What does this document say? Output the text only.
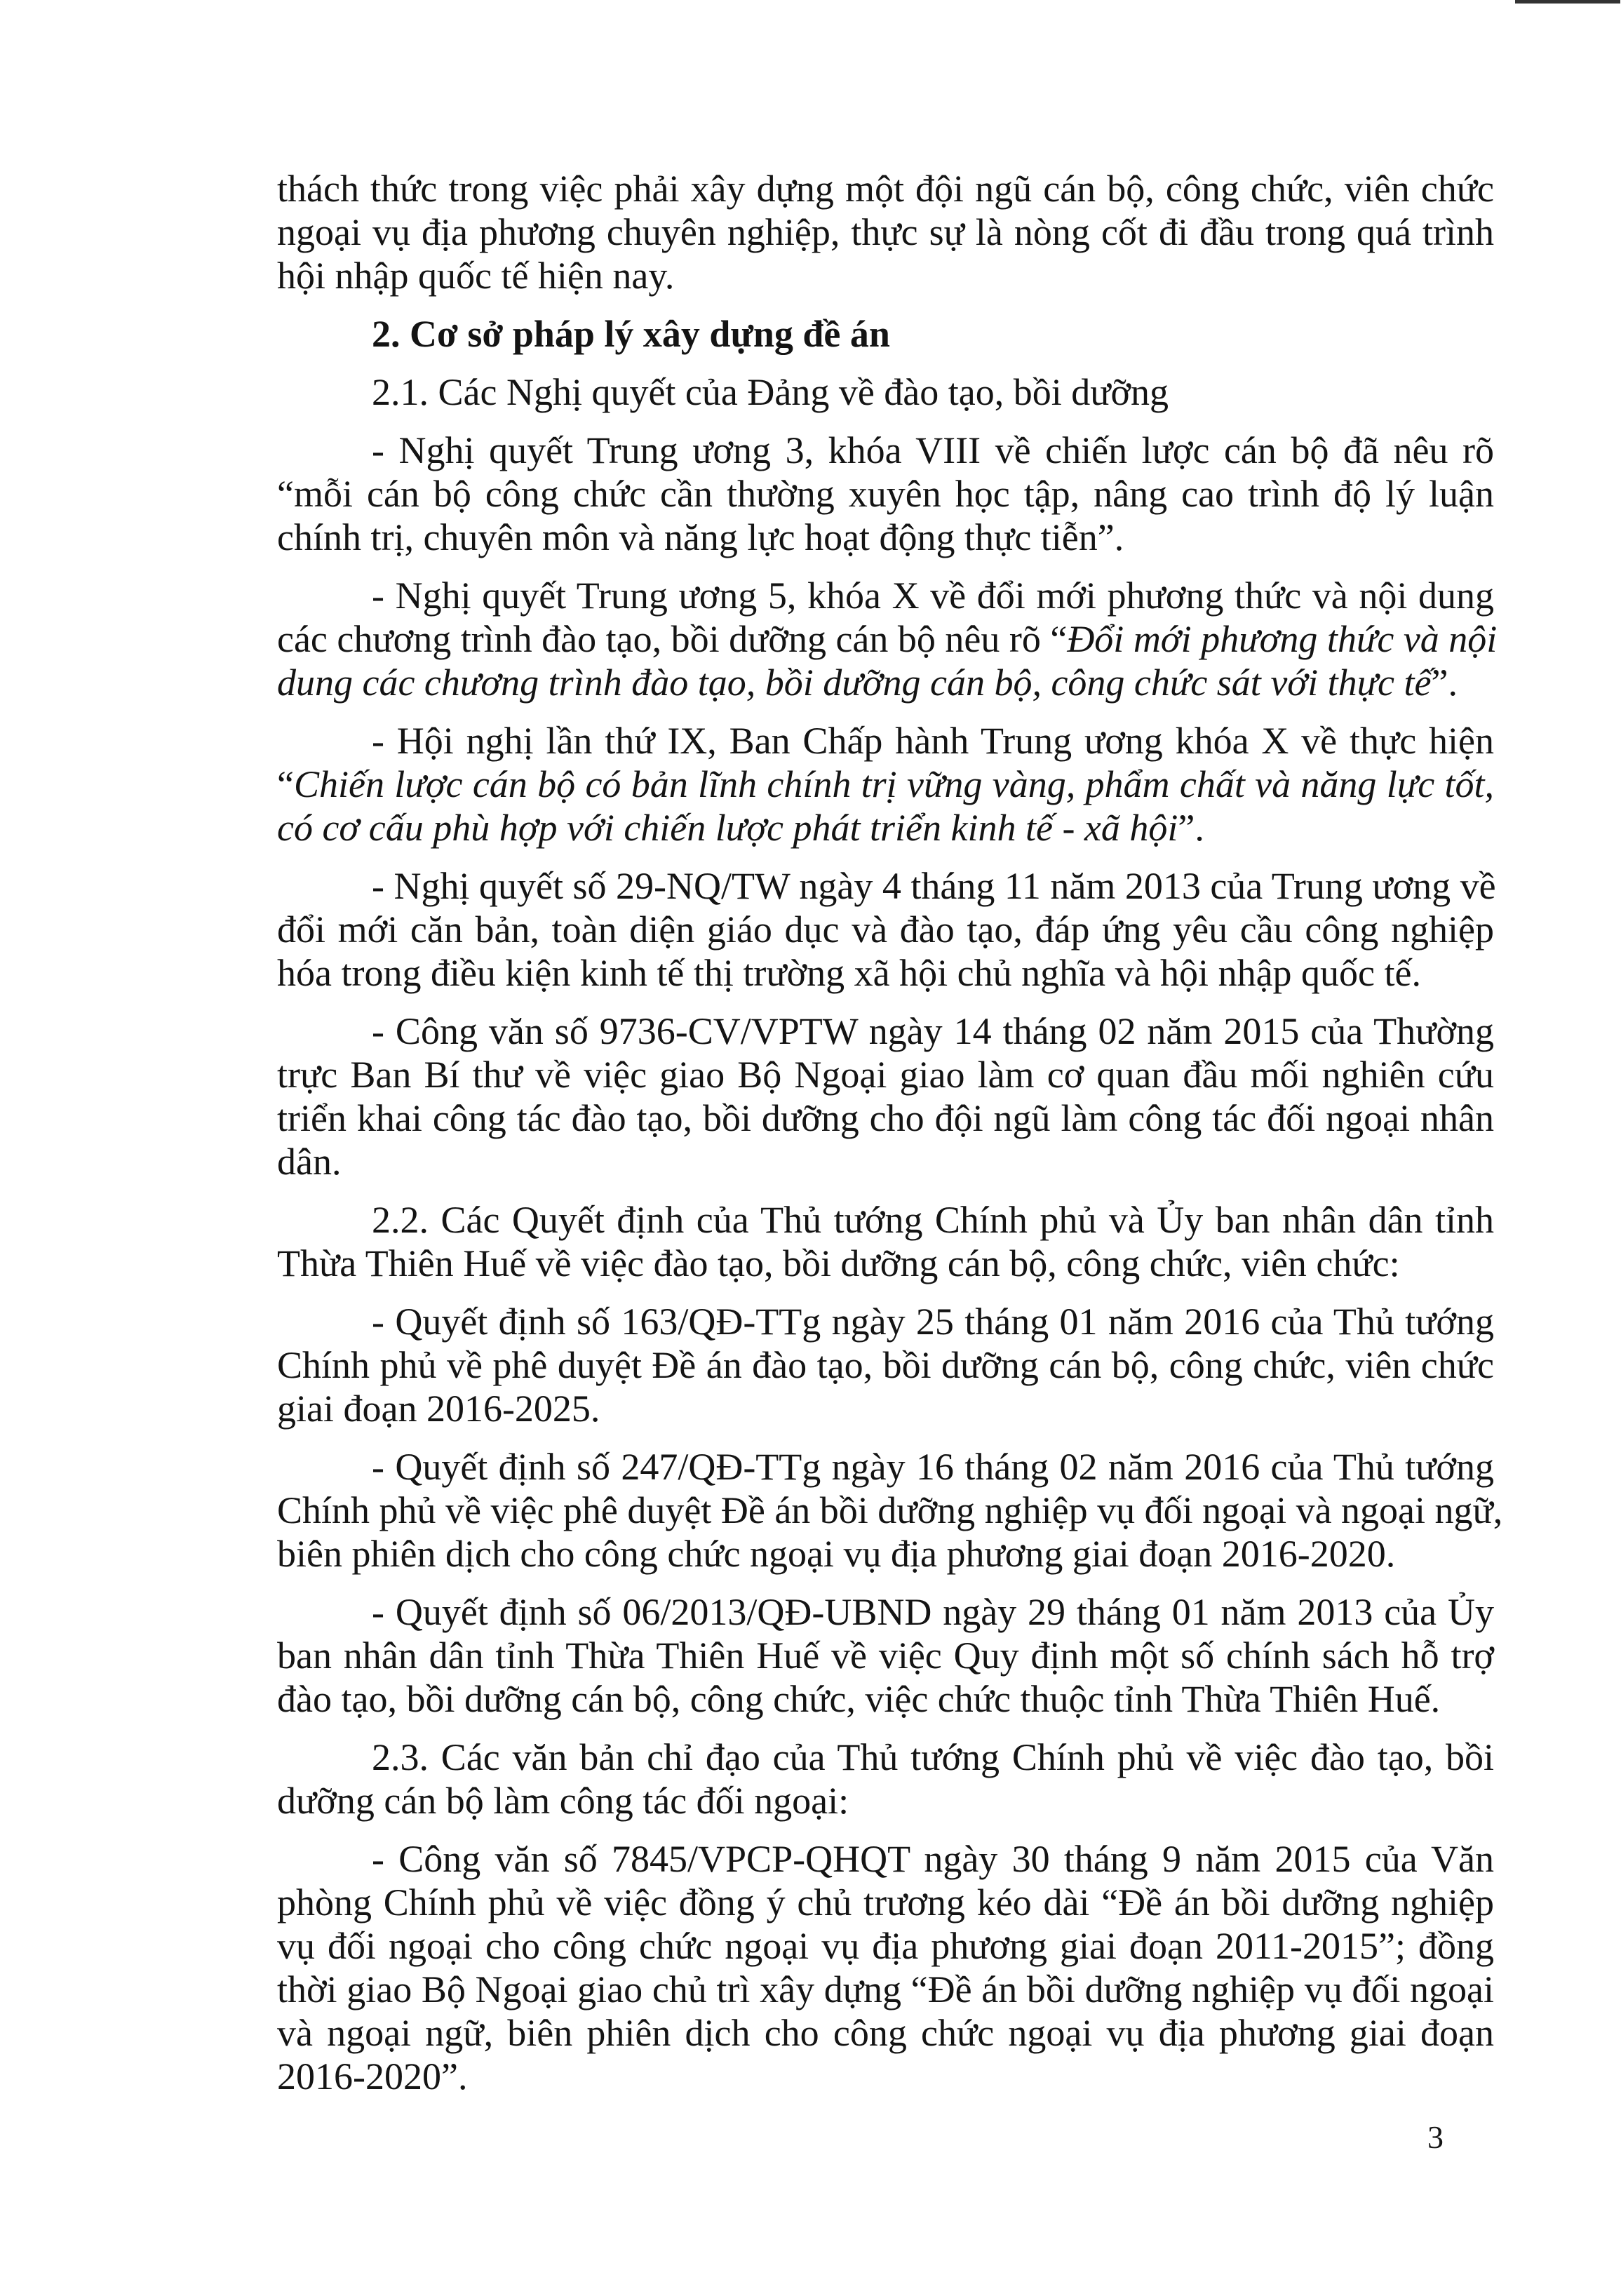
thách thức trong việc phải xây dựng một đội ngũ cán bộ, công chức, viên chức
ngoại vụ địa phương chuyên nghiệp, thực sự là nòng cốt đi đầu trong quá trình
hội nhập quốc tế hiện nay.
2. Cơ sở pháp lý xây dựng đề án
2.1. Các Nghị quyết của Đảng về đào tạo, bồi dưỡng
- Nghị quyết Trung ương 3, khóa VIII về chiến lược cán bộ đã nêu rõ
“mỗi cán bộ công chức cần thường xuyên học tập, nâng cao trình độ lý luận
chính trị, chuyên môn và năng lực hoạt động thực tiễn”.
- Nghị quyết Trung ương 5, khóa X về đổi mới phương thức và nội dung
các chương trình đào tạo, bồi dưỡng cán bộ nêu rõ “Đổi mới phương thức và nội
dung các chương trình đào tạo, bồi dưỡng cán bộ, công chức sát với thực tế”.
- Hội nghị lần thứ IX, Ban Chấp hành Trung ương khóa X về thực hiện
“Chiến lược cán bộ có bản lĩnh chính trị vững vàng, phẩm chất và năng lực tốt,
có cơ cấu phù hợp với chiến lược phát triển kinh tế - xã hội”.
- Nghị quyết số 29-NQ/TW ngày 4 tháng 11 năm 2013 của Trung ương về
đổi mới căn bản, toàn diện giáo dục và đào tạo, đáp ứng yêu cầu công nghiệp
hóa trong điều kiện kinh tế thị trường xã hội chủ nghĩa và hội nhập quốc tế.
- Công văn số 9736-CV/VPTW ngày 14 tháng 02 năm 2015 của Thường
trực Ban Bí thư về việc giao Bộ Ngoại giao làm cơ quan đầu mối nghiên cứu
triển khai công tác đào tạo, bồi dưỡng cho đội ngũ làm công tác đối ngoại nhân
dân.
2.2. Các Quyết định của Thủ tướng Chính phủ và Ủy ban nhân dân tỉnh
Thừa Thiên Huế về việc đào tạo, bồi dưỡng cán bộ, công chức, viên chức:
- Quyết định số 163/QĐ-TTg ngày 25 tháng 01 năm 2016 của Thủ tướng
Chính phủ về phê duyệt Đề án đào tạo, bồi dưỡng cán bộ, công chức, viên chức
giai đoạn 2016-2025.
- Quyết định số 247/QĐ-TTg ngày 16 tháng 02 năm 2016 của Thủ tướng
Chính phủ về việc phê duyệt Đề án bồi dưỡng nghiệp vụ đối ngoại và ngoại ngữ,
biên phiên dịch cho công chức ngoại vụ địa phương giai đoạn 2016-2020.
- Quyết định số 06/2013/QĐ-UBND ngày 29 tháng 01 năm 2013 của Ủy
ban nhân dân tỉnh Thừa Thiên Huế về việc Quy định một số chính sách hỗ trợ
đào tạo, bồi dưỡng cán bộ, công chức, việc chức thuộc tỉnh Thừa Thiên Huế.
2.3. Các văn bản chỉ đạo của Thủ tướng Chính phủ về việc đào tạo, bồi
dưỡng cán bộ làm công tác đối ngoại:
- Công văn số 7845/VPCP-QHQT ngày 30 tháng 9 năm 2015 của Văn
phòng Chính phủ về việc đồng ý chủ trương kéo dài “Đề án bồi dưỡng nghiệp
vụ đối ngoại cho công chức ngoại vụ địa phương giai đoạn 2011-2015”; đồng
thời giao Bộ Ngoại giao chủ trì xây dựng “Đề án bồi dưỡng nghiệp vụ đối ngoại
và ngoại ngữ, biên phiên dịch cho công chức ngoại vụ địa phương giai đoạn
2016-2020”.
3
